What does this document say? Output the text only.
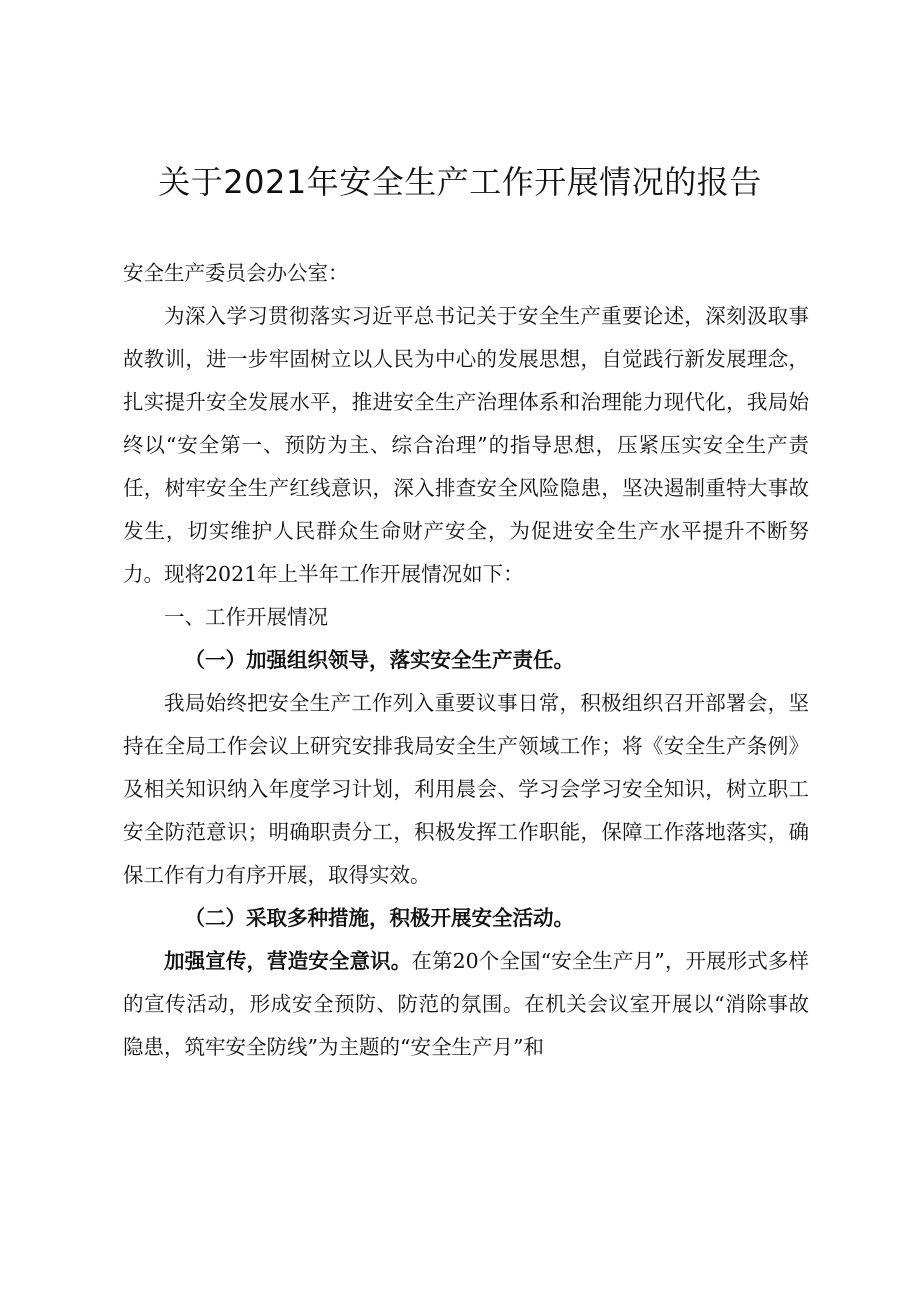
关于2021年安全生产工作开展情况的报告

安全生产委员会办公室：

为深入学习贯彻落实习近平总书记关于安全生产重要论述，深刻汲取事故教训，进一步牢固树立以人民为中心的发展思想，自觉践行新发展理念，扎实提升安全发展水平，推进安全生产治理体系和治理能力现代化，我局始终以“安全第一、预防为主、综合治理”的指导思想，压紧压实安全生产责任，树牢安全生产红线意识，深入排查安全风险隐患，坚决遏制重特大事故发生，切实维护人民群众生命财产安全，为促进安全生产水平提升不断努力。现将2021年上半年工作开展情况如下：

一、工作开展情况

（一）加强组织领导，落实安全生产责任。

我局始终把安全生产工作列入重要议事日常，积极组织召开部署会，坚持在全局工作会议上研究安排我局安全生产领域工作；将《安全生产条例》及相关知识纳入年度学习计划，利用晨会、学习会学习安全知识，树立职工安全防范意识；明确职责分工，积极发挥工作职能，保障工作落地落实，确保工作有力有序开展，取得实效。

（二）采取多种措施，积极开展安全活动。

加强宣传，营造安全意识。在第20个全国“安全生产月”，开展形式多样的宣传活动，形成安全预防、防范的氛围。在机关会议室开展以“消除事故隐患，筑牢安全防线”为主题的“安全生产月”和
